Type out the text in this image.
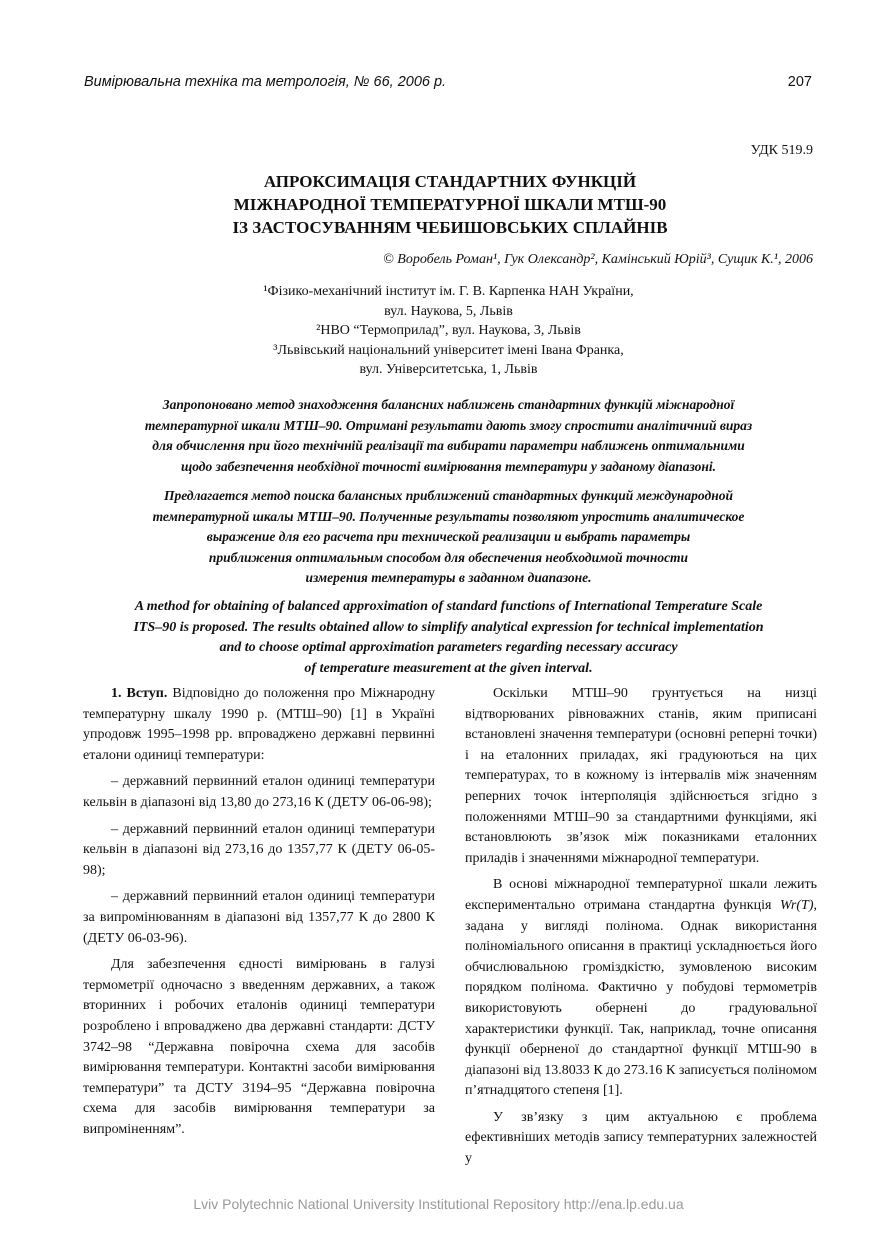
Вимірювальна техніка та метрологія, № 66, 2006 р.	207
УДК 519.9
АПРОКСИМАЦІЯ СТАНДАРТНИХ ФУНКЦІЙ
МІЖНАРОДНОЇ ТЕМПЕРАТУРНОЇ ШКАЛИ МТШ-90
ІЗ ЗАСТОСУВАННЯМ ЧЕБИШОВСЬКИХ СПЛАЙНІВ
© Воробель Роман¹, Гук Олександр², Камінський Юрій³, Сущик К.¹, 2006
¹Фізико-механічний інститут ім. Г. В. Карпенка НАН України,
вул. Наукова, 5, Львів
²НВО “Термоприлад”, вул. Наукова, 3, Львів
³Львівський національний університет імені Івана Франка,
вул. Університетська, 1, Львів
Запропоновано метод знаходження балансних наближень стандартних функцій міжнародної
температурної шкали МТШ–90. Отримані результати дають змогу спростити аналітичний вираз
для обчислення при його технічній реалізації та вибирати параметри наближень оптимальними
щодо забезпечення необхідної точності вимірювання температури у заданому діапазоні.
Предлагается метод поиска балансных приближений стандартных функций международной
температурной шкалы МТШ–90. Полученные результаты позволяют упростить аналитическое
выражение для его расчета при технической реализации и выбрать параметры
приближения оптимальным способом для обеспечения необходимой точности
измерения температуры в заданном диапазоне.
A method for obtaining of balanced approximation of standard functions of International Temperature Scale
ITS–90 is proposed. The results obtained allow to simplify analytical expression for technical implementation
and to choose optimal approximation parameters regarding necessary accuracy
of temperature measurement at the given interval.

1. Вступ. Відповідно до положення про Міжнародну температурну шкалу 1990 р. (МТШ–90) [1] в Україні упродовж 1995–1998 рр. впроваджено державні первинні еталони одиниці температури:

– державний первинний еталон одиниці температури кельвін в діапазоні від 13,80 до 273,16 К (ДЕТУ 06-06-98);

– державний первинний еталон одиниці температури кельвін в діапазоні від 273,16 до 1357,77 К (ДЕТУ 06-05-98);

– державний первинний еталон одиниці температури за випромінюванням в діапазоні від 1357,77 К до 2800 К (ДЕТУ 06-03-96).

Для забезпечення єдності вимірювань в галузі термометрії одночасно з введенням державних, а також вторинних і робочих еталонів одиниці температури розроблено і впроваджено два державні стандарти: ДСТУ 3742–98 “Державна повірочна схема для засобів вимірювання температури. Контактні засоби вимірювання температури” та ДСТУ 3194–95 “Державна повірочна схема для засобів вимірювання температури за випроміненням”.

Оскільки МТШ–90 грунтується на низці відтворюваних рівноважних станів, яким приписані встановлені значення температури (основні реперні точки) і на еталонних приладах, які градуюються на цих температурах, то в кожному із інтервалів між значенням реперних точок інтерполяція здійснюється згідно з положеннями МТШ–90 за стандартними функціями, які встановлюють зв’язок між показниками еталонних приладів і значеннями міжнародної температури.

В основі міжнародної температурної шкали лежить експериментально отримана стандартна функція Wr(T), задана у вигляді полінома. Однак використання поліноміального описання в практиці ускладнюється його обчислювальною громіздкістю, зумовленою високим порядком полінома. Фактично у побудові термометрів використовують обернені до градуювальної характеристики функції. Так, наприклад, точне описання функції оберненої до стандартної функції МТШ-90 в діапазоні від 13.8033 К до 273.16 К записується поліномом п’ятнадцятого степеня [1].

У зв’язку з цим актуальною є проблема ефективніших методів запису температурних залежностей у

Lviv Polytechnic National University Institutional Repository http://ena.lp.edu.ua
